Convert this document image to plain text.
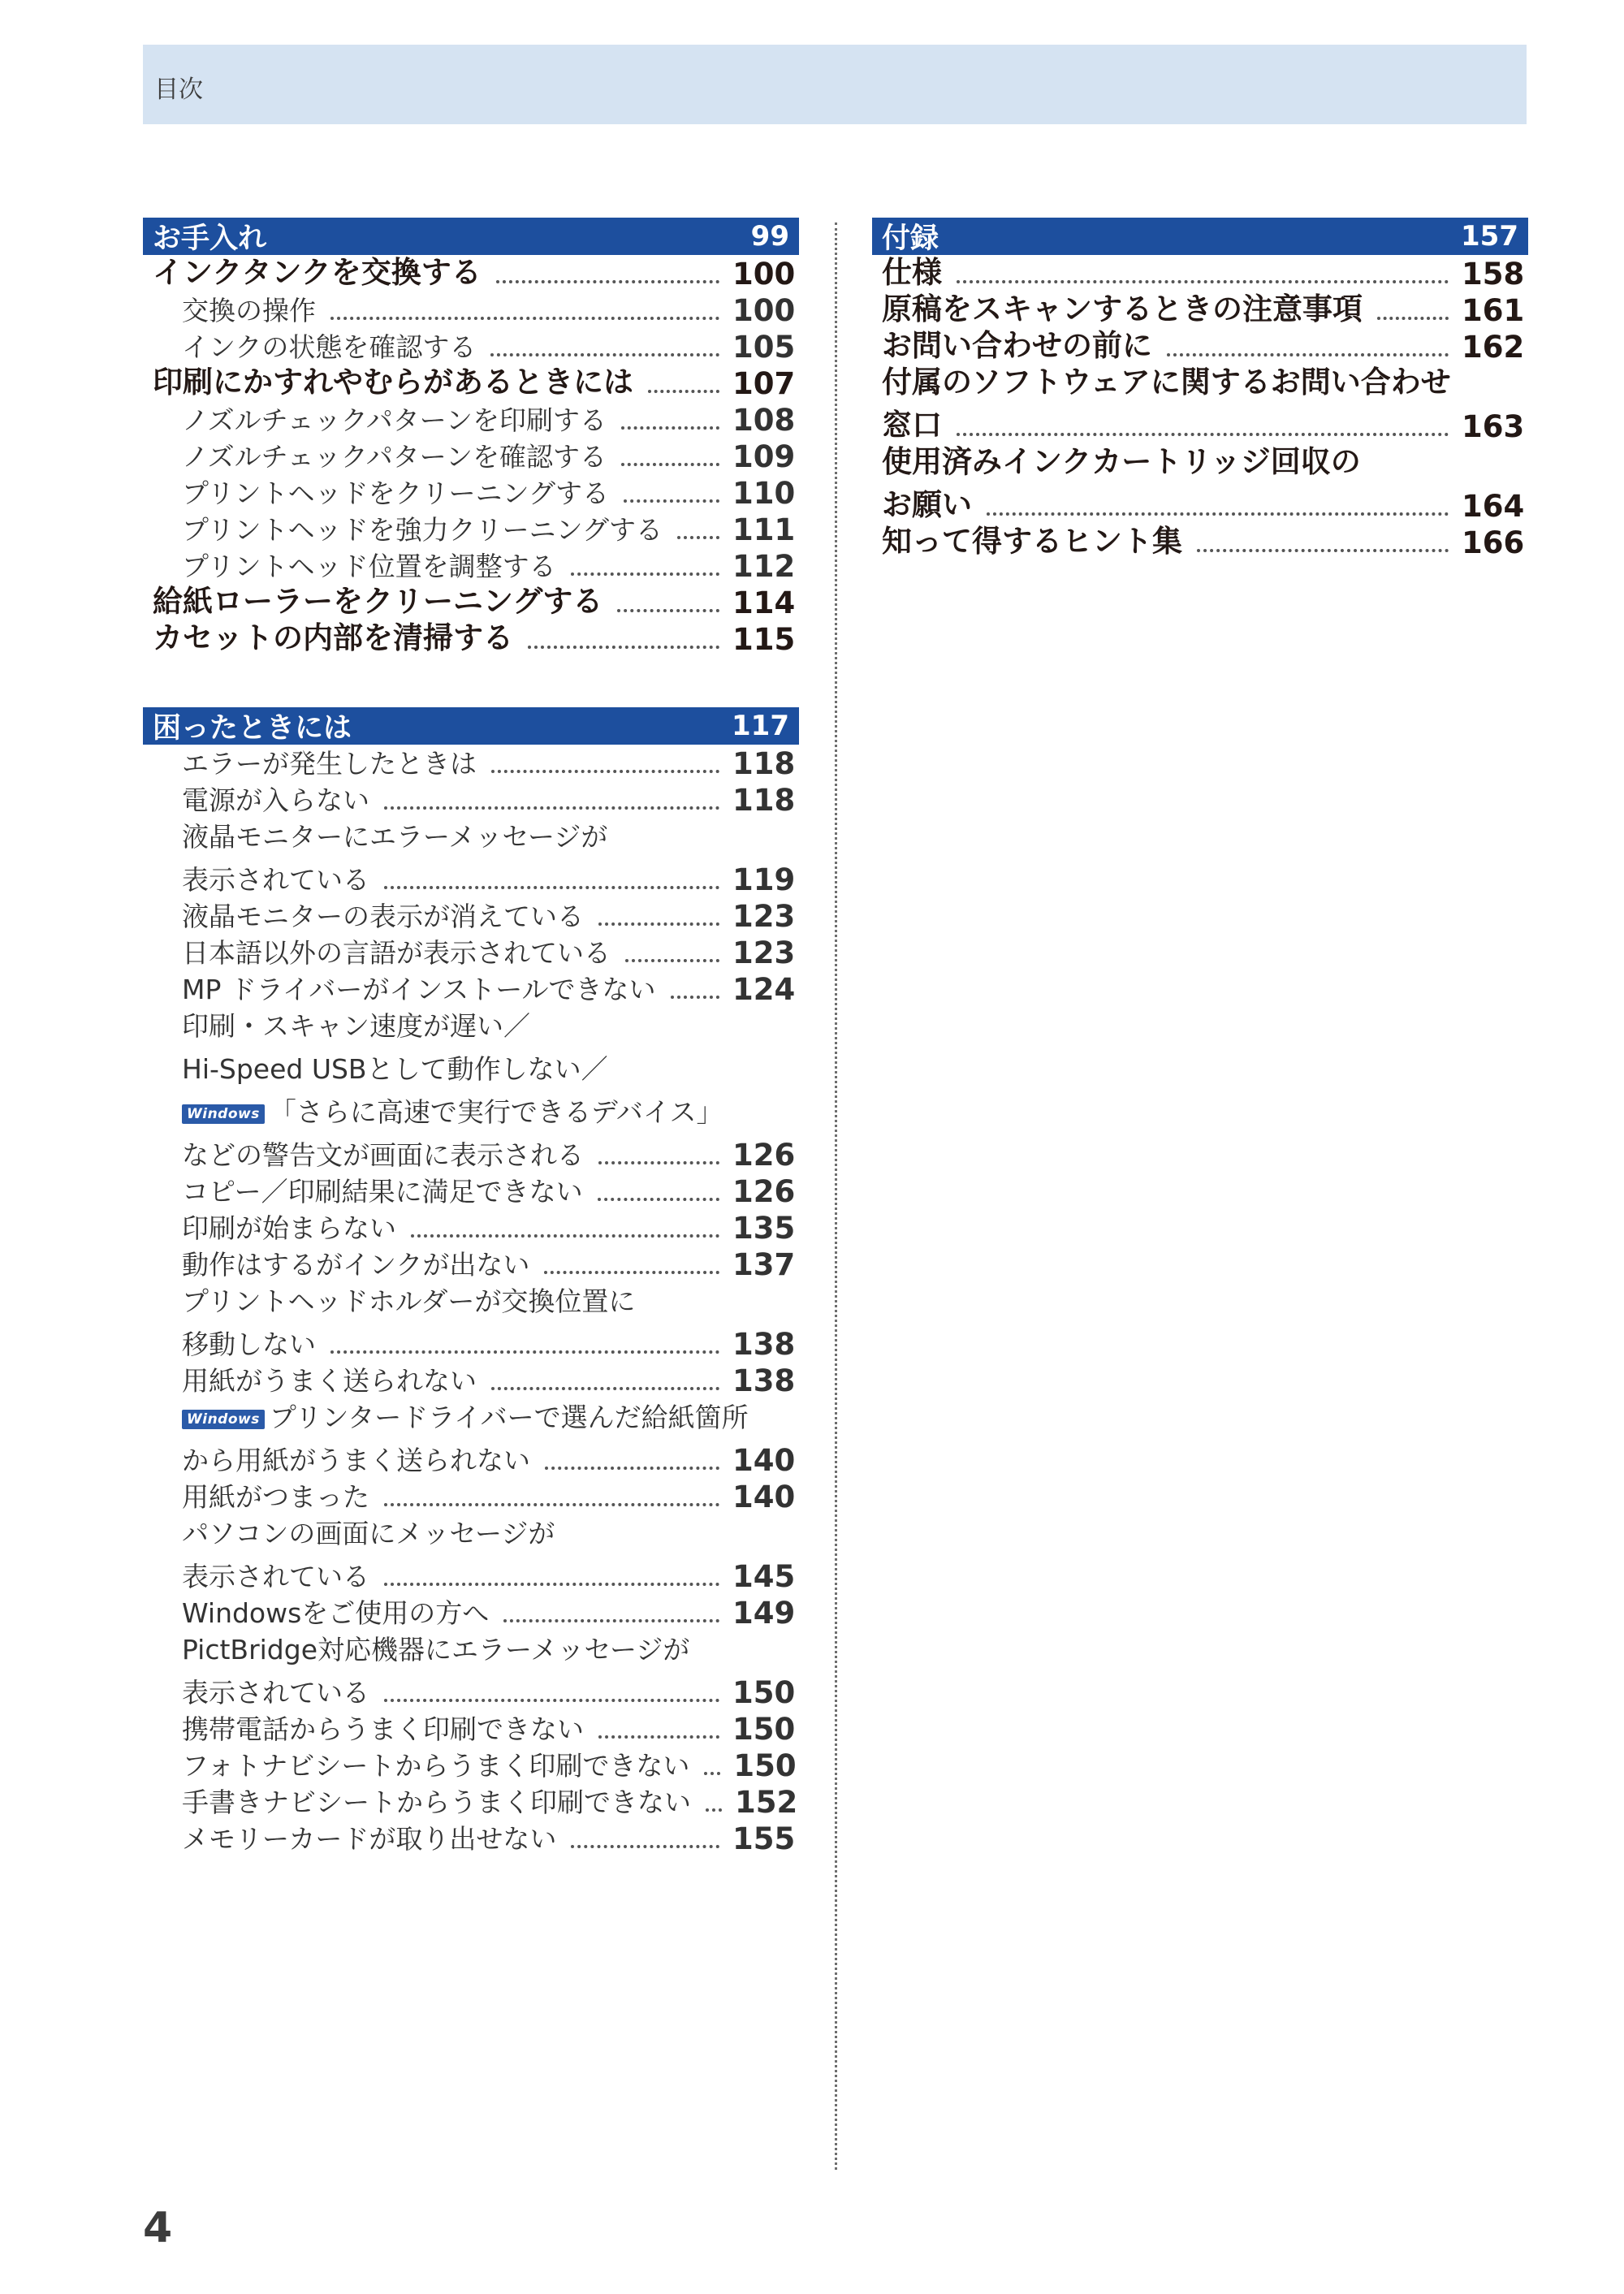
目次
お手入れ	99
インクタンクを交換する	100
交換の操作	100
インクの状態を確認する	105
印刷にかすれやむらがあるときには	107
ノズルチェックパターンを印刷する	108
ノズルチェックパターンを確認する	109
プリントヘッドをクリーニングする	110
プリントヘッドを強力クリーニングする 111
プリントヘッド位置を調整する	112
給紙ローラーをクリーニングする	114
カセットの内部を清掃する	115
困ったときには	117
エラーが発生したときは	118
電源が入らない	118
液晶モニターにエラーメッセージが
表示されている	119
液晶モニターの表示が消えている	123
日本語以外の言語が表示されている	123
MP ドライバーがインストールできない	124
印刷・スキャン速度が遅い／
Hi-Speed USBとして動作しない／
Windows 「さらに高速で実行できるデバイス」
などの警告文が画面に表示される	126
コピー／印刷結果に満足できない	126
印刷が始まらない	135
動作はするがインクが出ない	137
プリントヘッドホルダーが交換位置に
移動しない	138
用紙がうまく送られない	138
Windows プリンタードライバーで選んだ給紙箇所
から用紙がうまく送られない	140
用紙がつまった	140
パソコンの画面にメッセージが
表示されている	145
Windowsをご使用の方へ	149
PictBridge対応機器にエラーメッセージが
表示されている	150
携帯電話からうまく印刷できない	150
フォトナビシートからうまく印刷できない 150
手書きナビシートからうまく印刷できない 152
メモリーカードが取り出せない	155
付録	157
仕様	158
原稿をスキャンするときの注意事項	161
お問い合わせの前に	162
付属のソフトウェアに関するお問い合わせ
窓口	163
使用済みインクカートリッジ回収の
お願い	164
知って得するヒント集	166
4
